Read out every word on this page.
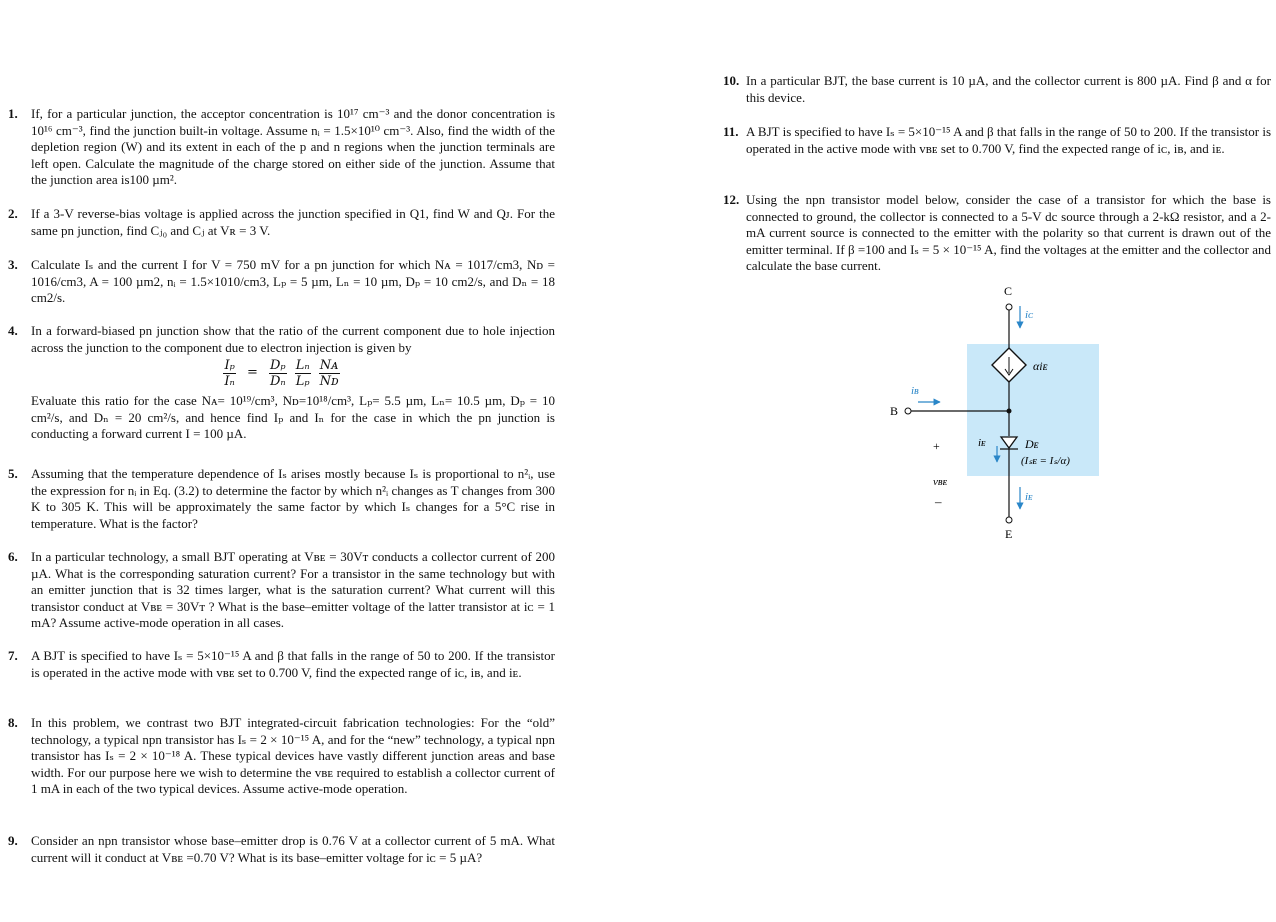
1. If, for a particular junction, the acceptor concentration is 10¹⁷ cm⁻³ and the donor concentration is 10¹⁶ cm⁻³, find the junction built-in voltage. Assume nᵢ = 1.5×10¹⁰ cm⁻³. Also, find the width of the depletion region (W) and its extent in each of the p and n regions when the junction terminals are left open. Calculate the magnitude of the charge stored on either side of the junction. Assume that the junction area is100 µm².
2. If a 3-V reverse-bias voltage is applied across the junction specified in Q1, find W and Qᴊ. For the same pn junction, find Cⱼ₀ and Cⱼ at Vʀ = 3 V.
3. Calculate Iₛ and the current I for V = 750 mV for a pn junction for which Nᴀ = 1017/cm3, Nᴅ = 1016/cm3, A = 100 µm2, nᵢ = 1.5×1010/cm3, Lₚ = 5 µm, Lₙ = 10 µm, Dₚ = 10 cm2/s, and Dₙ = 18 cm2/s.
4. In a forward-biased pn junction show that the ratio of the current component due to hole injection across the junction to the component due to electron injection is given by
$\frac{\text{Iₚ}}{\text{Iₙ}} = \frac{\text{Dₚ}}{\text{Dₙ}}$
$\frac{\text{Lₙ}}{\text{Lₚ}}$
$\frac{\text{Nᴀ}}{\text{Nᴅ}}$
Evaluate this ratio for the case Nᴀ= 10¹⁹/cm³, Nᴅ=10¹⁸/cm³, Lₚ= 5.5 µm, Lₙ= 10.5 µm, Dₚ = 10 cm²/s, and Dₙ = 20 cm²/s, and hence find Iₚ and Iₙ for the case in which the pn junction is conducting a forward current I = 100 µA.
5. Assuming that the temperature dependence of Iₛ arises mostly because Iₛ is proportional to n²ᵢ, use the expression for nᵢ in Eq. (3.2) to determine the factor by which n²ᵢ changes as T changes from 300 K to 305 K. This will be approximately the same factor by which Iₛ changes for a 5°C rise in temperature. What is the factor?
6. In a particular technology, a small BJT operating at Vʙᴇ = 30Vᴛ conducts a collector current of 200 µA. What is the corresponding saturation current? For a transistor in the same technology but with an emitter junction that is 32 times larger, what is the saturation current? What current will this transistor conduct at Vʙᴇ = 30Vᴛ ? What is the base–emitter voltage of the latter transistor at iᴄ = 1 mA? Assume active-mode operation in all cases.
7. A BJT is specified to have Iₛ = 5×10⁻¹⁵ A and β that falls in the range of 50 to 200. If the transistor is operated in the active mode with vʙᴇ set to 0.700 V, find the expected range of iᴄ, iʙ, and iᴇ.
8. In this problem, we contrast two BJT integrated-circuit fabrication technologies: For the “old” technology, a typical npn transistor has Iₛ = 2 × 10⁻¹⁵ A, and for the “new” technology, a typical npn transistor has Iₛ = 2 × 10⁻¹⁸ A. These typical devices have vastly different junction areas and base width. For our purpose here we wish to determine the vʙᴇ required to establish a collector current of 1 mA in each of the two typical devices. Assume active-mode operation.
9. Consider an npn transistor whose base–emitter drop is 0.76 V at a collector current of 5 mA. What current will it conduct at Vʙᴇ =0.70 V? What is its base–emitter voltage for iᴄ = 5 µA?
10. In a particular BJT, the base current is 10 µA, and the collector current is 800 µA. Find β and α for this device.
11. A BJT is specified to have Iₛ = 5×10⁻¹⁵ A and β that falls in the range of 50 to 200. If the transistor is operated in the active mode with vʙᴇ set to 0.700 V, find the expected range of iᴄ, iʙ, and iᴇ.
12. Using the npn transistor model below, consider the case of a transistor for which the base is connected to ground, the collector is connected to a 5-V dc source through a 2-kΩ resistor, and a 2-mA current source is connected to the emitter with the polarity so that current is drawn out of the emitter terminal. If β =100 and Iₛ = 5 × 10⁻¹⁵ A, find the voltages at the emitter and the collector and calculate the base current.
C
iᴄ
αiᴇ
B
iʙ
Dᴇ
(Iₛᴇ = Iₛ/α)
iᴇ
+
vʙᴇ
–	iᴇ
E
